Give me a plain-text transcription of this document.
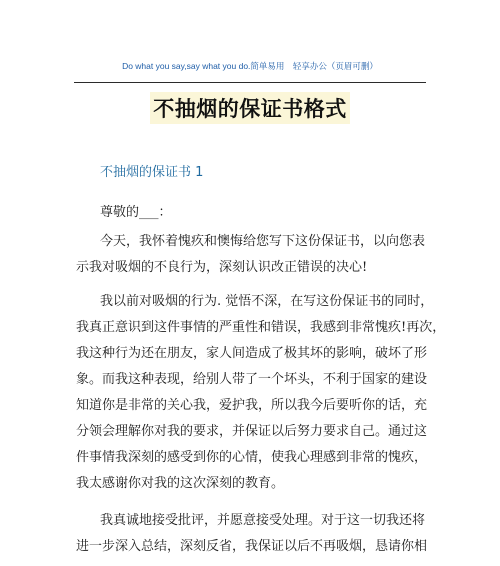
Do what you say,say what you do.简单易用　轻享办公（页眉可删）
不抽烟的保证书格式
不抽烟的保证书 1
尊敬的___：
今天，我怀着愧疚和懊悔给您写下这份保证书，以向您表
示我对吸烟的不良行为，深刻认识改正错误的决心!
我以前对吸烟的行为. 觉悟不深，在写这份保证书的同时，
我真正意识到这件事情的严重性和错误，我感到非常愧疚!再次，
我这种行为还在朋友，家人间造成了极其坏的影响，破坏了形
象。而我这种表现，给别人带了一个坏头，不利于国家的建设
知道你是非常的关心我，爱护我，所以我今后要听你的话，充
分领会理解你对我的要求，并保证以后努力要求自己。通过这
件事情我深刻的感受到你的心情，使我心理感到非常的愧疚，
我太感谢你对我的这次深刻的教育。
我真诚地接受批评，并愿意接受处理。对于这一切我还将
进一步深入总结，深刻反省，我保证以后不再吸烟，恳请你相
